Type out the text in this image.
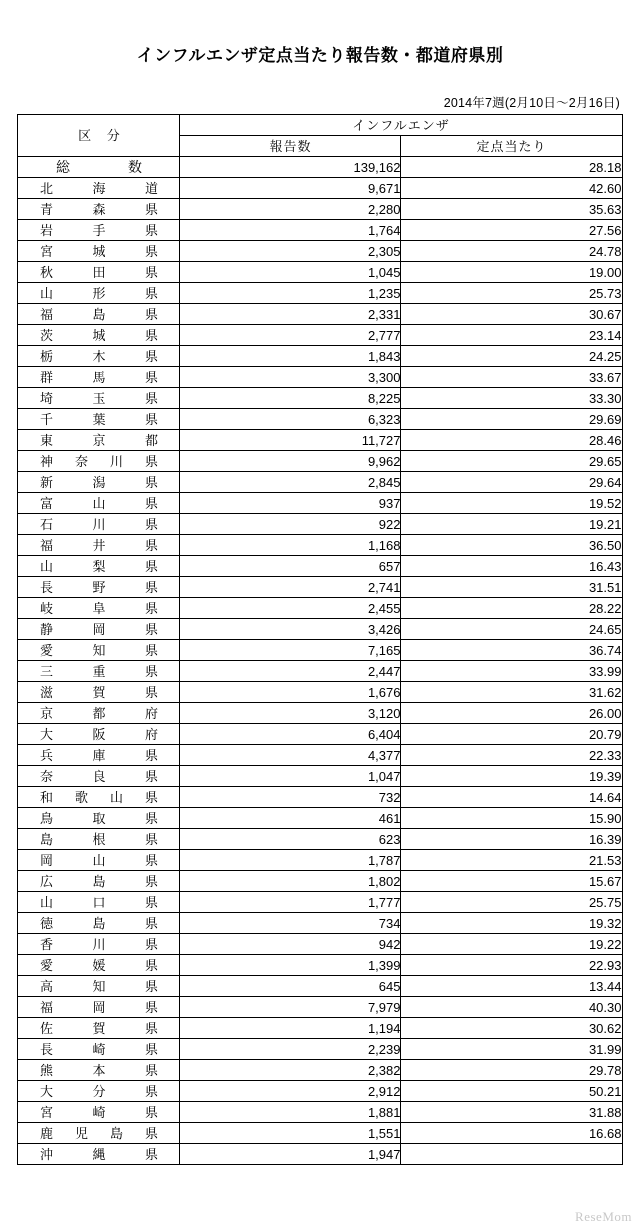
インフルエンザ定点当たり報告数・都道府県別
2014年7週(2月10日～2月16日)
区 分	インフルエンザ	
	報告数	定点当たり

総 数	139,162	28.18

北 海 道	9,671	42.60

青 森 県	2,280	35.63

岩 手 県	1,764	27.56

宮 城 県	2,305	24.78

秋 田 県	1,045	19.00

山 形 県	1,235	25.73

福 島 県	2,331	30.67

茨 城 県	2,777	23.14

栃 木 県	1,843	24.25

群 馬 県	3,300	33.67

埼 玉 県	8,225	33.30

千 葉 県	6,323	29.69

東 京 都	11,727	28.46

神 奈 川 県	9,962	29.65

新 潟 県	2,845	29.64

富 山 県	937	19.52

石 川 県	922	19.21

福 井 県	1,168	36.50

山 梨 県	657	16.43

長 野 県	2,741	31.51

岐 阜 県	2,455	28.22

静 岡 県	3,426	24.65

愛 知 県	7,165	36.74

三 重 県	2,447	33.99

滋 賀 県	1,676	31.62

京 都 府	3,120	26.00

大 阪 府	6,404	20.79

兵 庫 県	4,377	22.33

奈 良 県	1,047	19.39

和 歌 山 県	732	14.64

鳥 取 県	461	15.90

島 根 県	623	16.39

岡 山 県	1,787	21.53

広 島 県	1,802	15.67

山 口 県	1,777	25.75

徳 島 県	734	19.32

香 川 県	942	19.22

愛 媛 県	1,399	22.93

高 知 県	645	13.44

福 岡 県	7,979	40.30

佐 賀 県	1,194	30.62

長 崎 県	2,239	31.99

熊 本 県	2,382	29.78

大 分 県	2,912	50.21

宮 崎 県	1,881	31.88

鹿 児 島 県	1,551	16.68

沖 縄 県	1,947	
ReseMom
